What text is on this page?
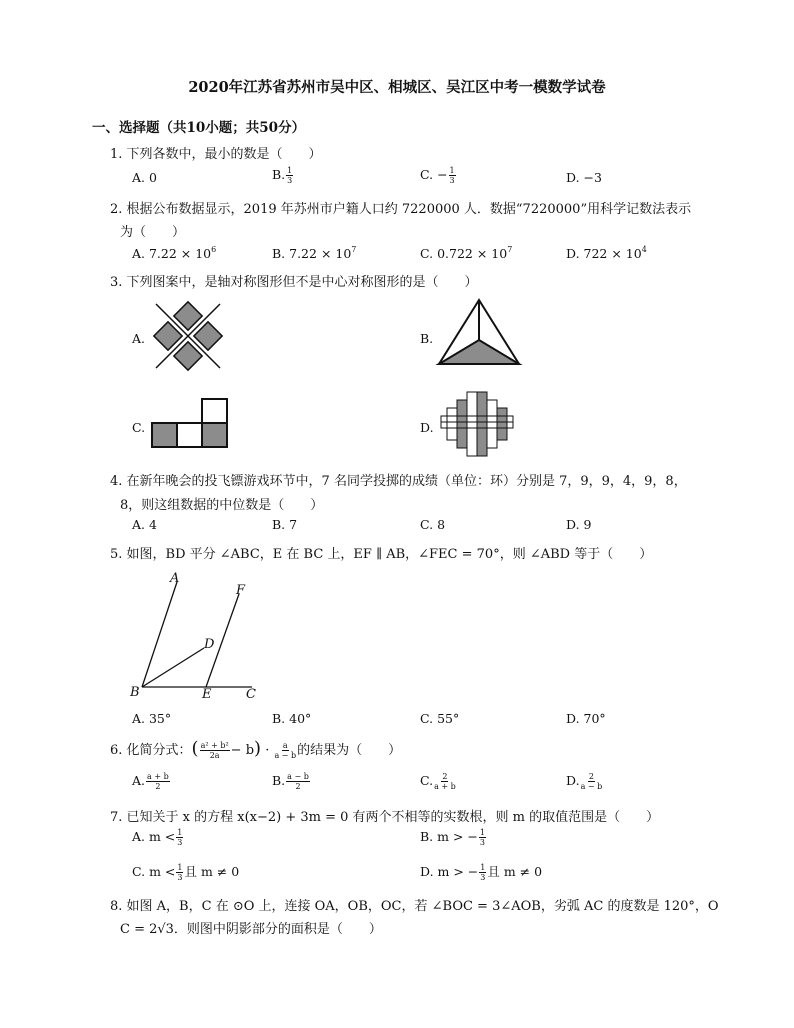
2020年江苏省苏州市吴中区、相城区、吴江区中考一模数学试卷
一、选择题（共10小题；共50分）
1. 下列各数中，最小的数是（　　）
A. 0	B. $\frac{1}{3}$	C. − $\frac{1}{3}$	D. −3
2. 根据公布数据显示，2019 年苏州市户籍人口约 7220000 人．数据“7220000”用科学记数法表示
为（　　）
A. $7.22 \times 10^6$	B. $7.22 \times 10^7$	C. $0.722 \times 10^7$	D. $722 \times 10^4$
3. 下列图案中，是轴对称图形但不是中心对称图形的是（　　）
A.	B.
C.	D.
4. 在新年晚会的投飞镖游戏环节中，7 名同学投掷的成绩（单位：环）分别是 7，9，9，4，9，8，
8，则这组数据的中位数是（　　）
A. 4	B. 7	C. 8	D. 9
5. 如图，BD 平分 ∠ABC，E 在 BC 上，EF ∥ AB，∠FEC = 70°，则 ∠ABD 等于（　　）
A
F
D
B	E	C
A. 35°	B. 40°	C. 55°	D. 70°
6. 化简分式：( $\frac{\text{a² + b²}}{2a} - b) \cdot \frac{a}{a - b}$ 的结果为（　　）
A. $\frac{a + b}{2}$	B. $\frac{a - b}{2}$	C. $\frac{2}{a + b}$	D. $\frac{2}{a - b}$
7. 已知关于 x 的方程 x(x−2) + 3m = 0 有两个不相等的实数根，则 m 的取值范围是（　　）
A. $m < \frac{1}{3}$	B. m > − $\frac{1}{3}$
C. $m < \frac{1}{3}$ 且 m ≠ 0	D. m > − $\frac{1}{3}$ 且 m ≠ 0
8. 如图 A，B，C 在 ⊙O 上，连接 OA，OB，OC，若 ∠BOC = 3∠AOB，劣弧 AC 的度数是 120°，O
C = 2√3．则图中阴影部分的面积是（　　）
